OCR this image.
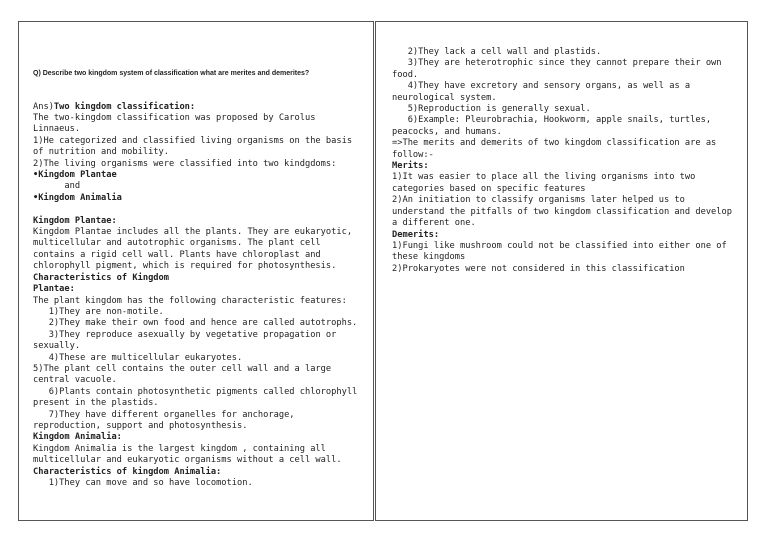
Q) Describe two kingdom system of classification what are merites and demerites?

Ans)Two kingdom classification:
The two-kingdom classification was proposed by Carolus Linnaeus.
1)He categorized and classified living organisms on the basis of nutrition and mobility.
2)The living organisms were classified into two kindgdoms:
•Kingdom Plantae
and
•Kingdom Animalia
Kingdom Plantae:
Kingdom Plantae includes all the plants. They are eukaryotic, multicellular and autotrophic organisms. The plant cell contains a rigid cell wall. Plants have chloroplast and chlorophyll pigment, which is required for photosynthesis.
Characteristics of Kingdom
Plantae:
The plant kingdom has the following characteristic features:
1)They are non-motile.
2)They make their own food and hence are called autotrophs.
3)They reproduce asexually by vegetative propagation or sexually.
4)These are multicellular eukaryotes.
5)The plant cell contains the outer cell wall and a large central vacuole.
6)Plants contain photosynthetic pigments called chlorophyll present in the plastids.
7)They have different organelles for anchorage, reproduction, support and photosynthesis.
Kingdom Animalia:
Kingdom Animalia is the largest kingdom , containing all multicellular and eukaryotic organisms without a cell wall.
Characteristics of kingdom Animalia:
1)They can move and so have locomotion.
2)They lack a cell wall and plastids.
3)They are heterotrophic since they cannot prepare their own food.
4)They have excretory and sensory organs, as well as a neurological system.
5)Reproduction is generally sexual.
6)Example: Pleurobrachia, Hookworm, apple snails, turtles, peacocks, and humans.
=>The merits and demerits of two kingdom classification are as follow:-
Merits:
1)It was easier to place all the living organisms into two categories based on specific features
2)An initiation to classify organisms later helped us to understand the pitfalls of two kingdom classification and develop a different one.
Demerits:
1)Fungi like mushroom could not be classified into either one of these kingdoms
2)Prokaryotes were not considered in this classification
